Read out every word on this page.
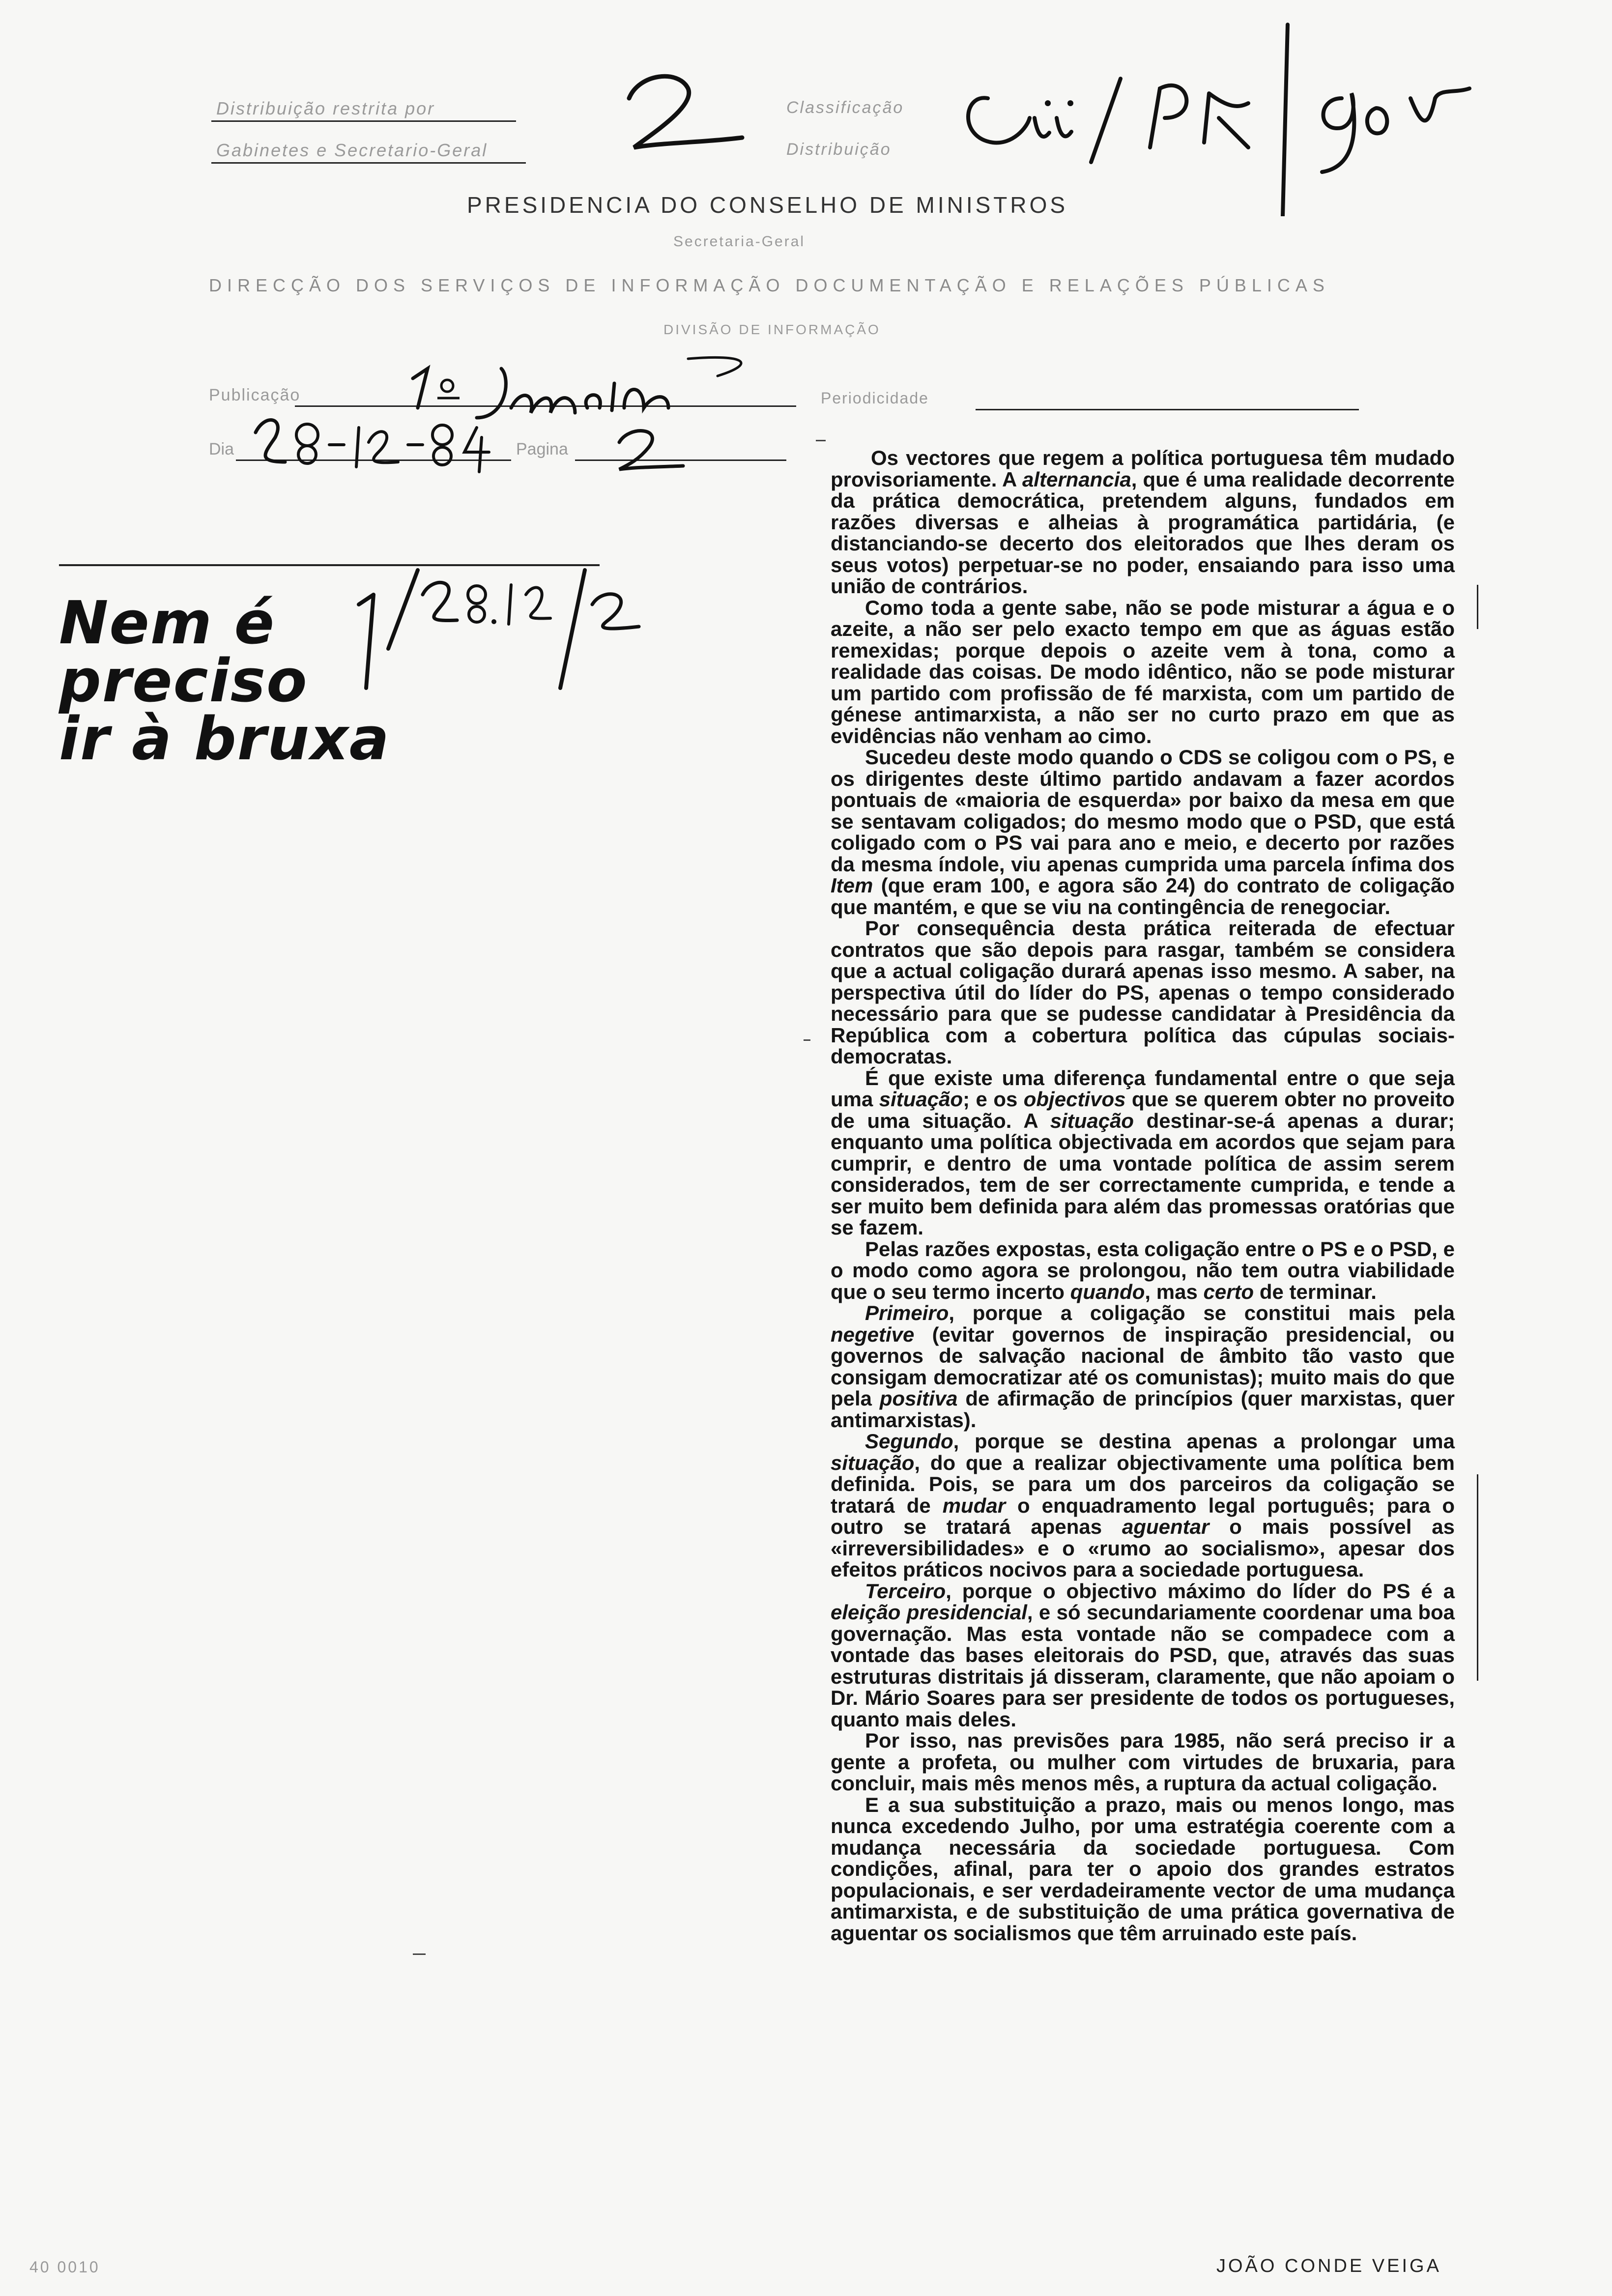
Distribuição restrita por
Gabinetes e Secretario-Geral
Classificação
Distribuição
PRESIDENCIA DO CONSELHO DE MINISTROS
Secretaria-Geral
DIRECÇÃO DOS SERVIÇOS DE INFORMAÇÃO DOCUMENTAÇÃO E RELAÇÕES PÚBLICAS
DIVISÃO DE INFORMAÇÃO
Publicação	Periodicidade
Dia	Pagina
Nem é preciso
ir à bruxa

Os vectores que regem a política portuguesa têm mudado provisoriamente. A alternancia, que é uma realidade decorrente da prática democrática, pretendem alguns, fundados em razões diversas e alheias à programática partidária, (e distanciando-se decerto dos eleitorados que lhes deram os seus votos) perpetuar-se no poder, ensaiando para isso uma união de contrários.

Como toda a gente sabe, não se pode misturar a água e o azeite, a não ser pelo exacto tempo em que as águas estão remexidas; porque depois o azeite vem à tona, como a realidade das coisas. De modo idêntico, não se pode misturar um partido com profissão de fé marxista, com um partido de génese antimarxista, a não ser no curto prazo em que as evidências não venham ao cimo.

Sucedeu deste modo quando o CDS se coligou com o PS, e os dirigentes deste último partido andavam a fazer acordos pontuais de «maioria de esquerda» por baixo da mesa em que se sentavam coligados; do mesmo modo que o PSD, que está coligado com o PS vai para ano e meio, e decerto por razões da mesma índole, viu apenas cumprida uma parcela ínfima dos Item (que eram 100, e agora são 24) do contrato de coligação que mantém, e que se viu na contingência de renegociar.

Por consequência desta prática reiterada de efectuar contratos que são depois para rasgar, também se considera que a actual coligação durará apenas isso mesmo. A saber, na perspectiva útil do líder do PS, apenas o tempo considerado necessário para que se pudesse candidatar à Presidência da República com a cobertura política das cúpulas sociais-democratas.

É que existe uma diferença fundamental entre o que seja uma situação; e os objectivos que se querem obter no proveito de uma situação. A situação destinar-se-á apenas a durar; enquanto uma política objectivada em acordos que sejam para cumprir, e dentro de uma vontade política de assim serem considerados, tem de ser correctamente cumprida, e tende a ser muito bem definida para além das promessas oratórias que se fazem.

Pelas razões expostas, esta coligação entre o PS e o PSD, e o modo como agora se prolongou, não tem outra viabilidade que o seu termo incerto quando, mas certo de terminar.

Primeiro, porque a coligação se constitui mais pela negetive (evitar governos de inspiração presidencial, ou governos de salvação nacional de âmbito tão vasto que consigam democratizar até os comunistas); muito mais do que pela positiva de afirmação de princípios (quer marxistas, quer antimarxistas).

Segundo, porque se destina apenas a prolongar uma situação, do que a realizar objectivamente uma política bem definida. Pois, se para um dos parceiros da coligação se tratará de mudar o enquadramento legal português; para o outro se tratará apenas aguentar o mais possível as «irreversibilidades» e o «rumo ao socialismo», apesar dos efeitos práticos nocivos para a sociedade portuguesa.

Terceiro, porque o objectivo máximo do líder do PS é a eleição presidencial, e só secundariamente coordenar uma boa governação. Mas esta vontade não se compadece com a vontade das bases eleitorais do PSD, que, através das suas estruturas distritais já disseram, claramente, que não apoiam o Dr. Mário Soares para ser presidente de todos os portugueses, quanto mais deles.

Por isso, nas previsões para 1985, não será preciso ir a gente a profeta, ou mulher com virtudes de bruxaria, para concluir, mais mês menos mês, a ruptura da actual coligação.

E a sua substituição a prazo, mais ou menos longo, mas nunca excedendo Julho, por uma estratégia coerente com a mudança necessária da sociedade portuguesa. Com condições, afinal, para ter o apoio dos grandes estratos populacionais, e ser verdadeiramente vector de uma mudança antimarxista, e de substituição de uma prática governativa de aguentar os socialismos que têm arruinado este país.

JOÃO CONDE VEIGA
40 0010
